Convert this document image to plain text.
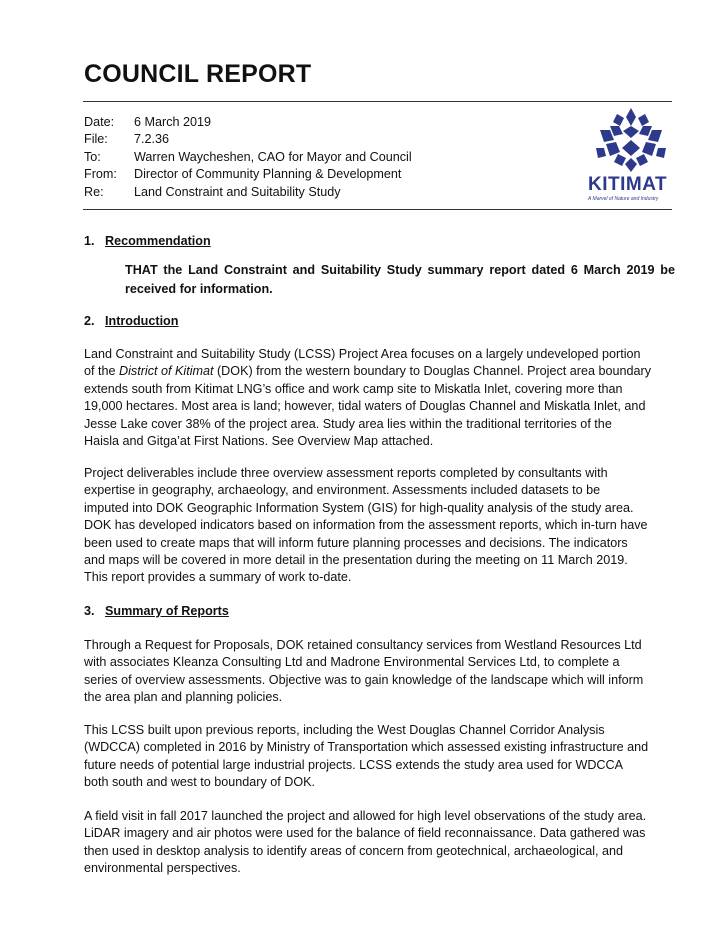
COUNCIL REPORT
Date:	6 March 2019
File:	7.2.36
To:	Warren Waycheshen, CAO for Mayor and Council
From:	Director of Community Planning & Development
Re:	Land Constraint and Suitability Study	KITIMAT
A Marvel of Nature and Industry
1. Recommendation
THAT the Land Constraint and Suitability Study summary report dated 6 March 2019 be received for information.
2. Introduction

Land Constraint and Suitability Study (LCSS) Project Area focuses on a largely undeveloped portion

of the District of Kitimat (DOK) from the western boundary to Douglas Channel. Project area boundary

extends south from Kitimat LNG’s office and work camp site to Miskatla Inlet, covering more than

19,000 hectares. Most area is land; however, tidal waters of Douglas Channel and Miskatla Inlet, and

Jesse Lake cover 38% of the project area. Study area lies within the traditional territories of the

Haisla and Gitga’at First Nations. See Overview Map attached.

Project deliverables include three overview assessment reports completed by consultants with

expertise in geography, archaeology, and environment. Assessments included datasets to be

imputed into DOK Geographic Information System (GIS) for high-quality analysis of the study area.

DOK has developed indicators based on information from the assessment reports, which in-turn have

been used to create maps that will inform future planning processes and decisions. The indicators

and maps will be covered in more detail in the presentation during the meeting on 11 March 2019.

This report provides a summary of work to-date.

3. Summary of Reports

Through a Request for Proposals, DOK retained consultancy services from Westland Resources Ltd

with associates Kleanza Consulting Ltd and Madrone Environmental Services Ltd, to complete a

series of overview assessments. Objective was to gain knowledge of the landscape which will inform

the area plan and planning policies.

This LCSS built upon previous reports, including the West Douglas Channel Corridor Analysis

(WDCCA) completed in 2016 by Ministry of Transportation which assessed existing infrastructure and

future needs of potential large industrial projects. LCSS extends the study area used for WDCCA

both south and west to boundary of DOK.

A field visit in fall 2017 launched the project and allowed for high level observations of the study area.

LiDAR imagery and air photos were used for the balance of field reconnaissance. Data gathered was

then used in desktop analysis to identify areas of concern from geotechnical, archaeological, and

environmental perspectives.
